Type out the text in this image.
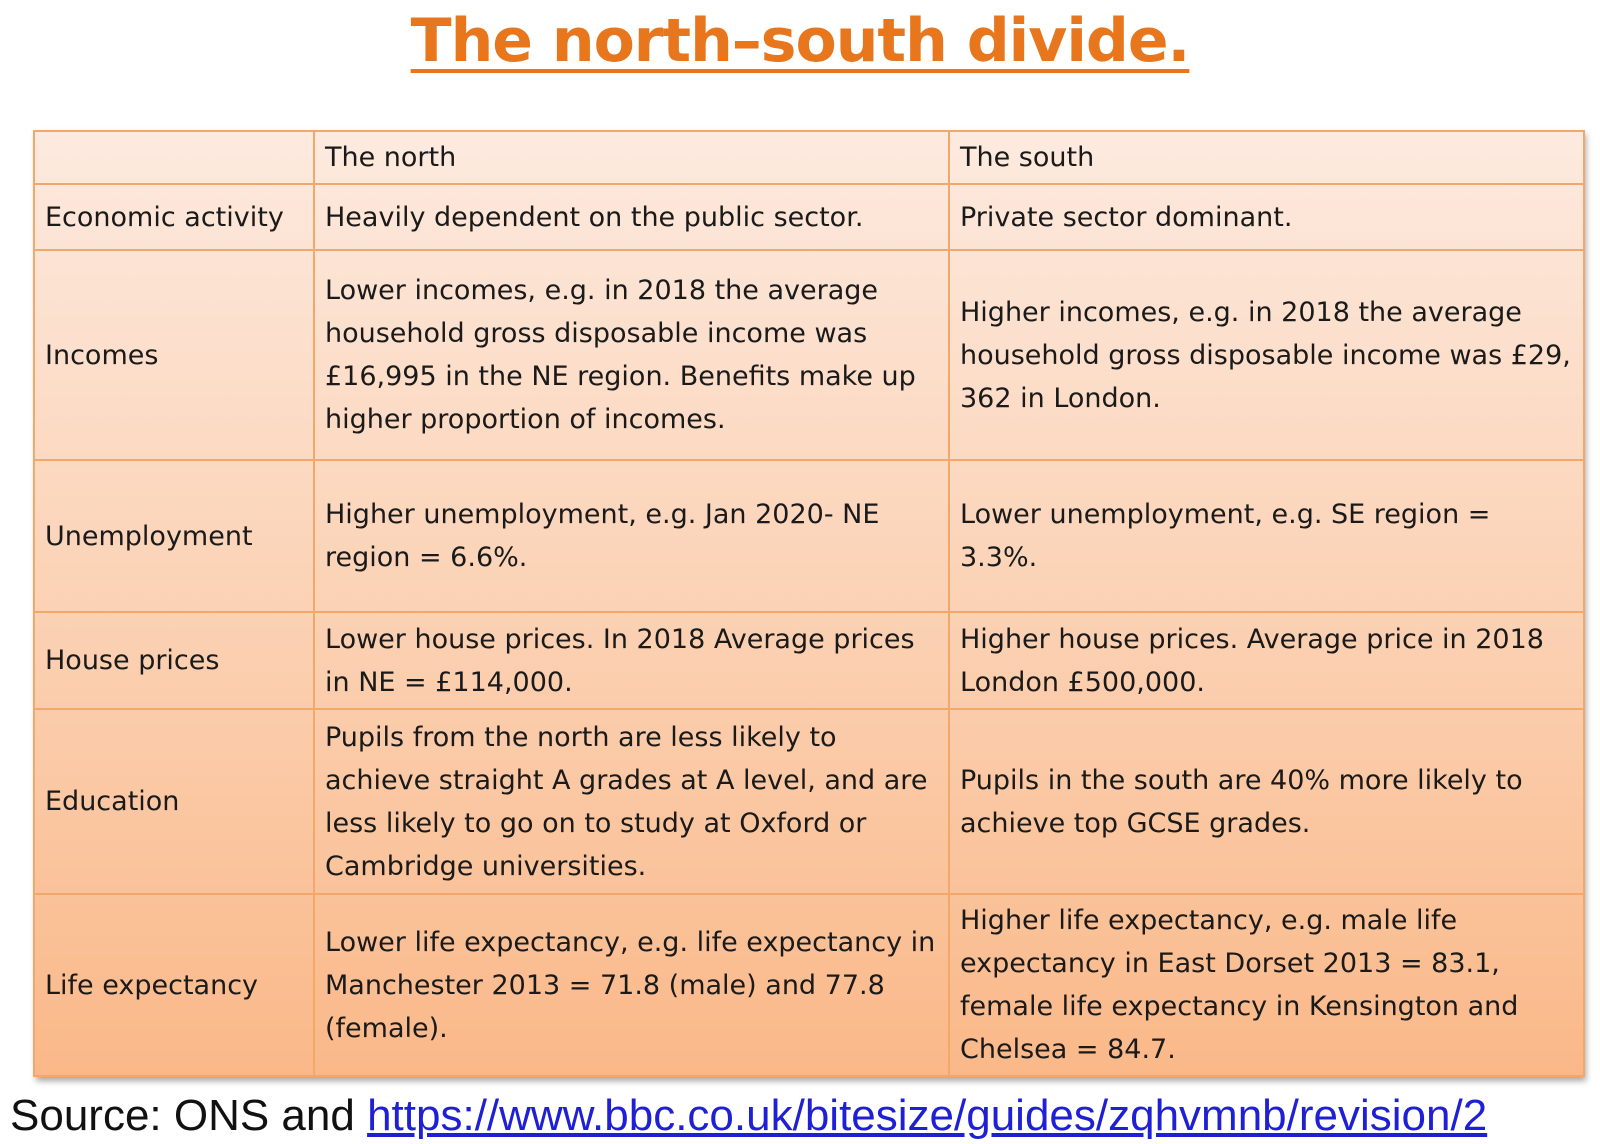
The north–south divide.
	The north	The south
Economic activity	Heavily dependent on the public sector.	Private sector dominant.
Incomes	Lower incomes, e.g. in 2018 the average household gross disposable income was £16,995 in the NE region. Benefits make up higher proportion of incomes.	Higher incomes, e.g. in 2018 the average household gross disposable income was £29, 362 in London.
Unemployment	Higher unemployment, e.g. Jan 2020- NE region = 6.6%.	Lower unemployment, e.g. SE region = 3.3%.
House prices	Lower house prices. In 2018 Average prices in NE = £114,000.	Higher house prices. Average price in 2018 London £500,000.
Education	Pupils from the north are less likely to achieve straight A grades at A level, and are less likely to go on to study at Oxford or Cambridge universities.	Pupils in the south are 40% more likely to achieve top GCSE grades.
Life expectancy	Lower life expectancy, e.g. life expectancy in Manchester 2013 = 71.8 (male) and 77.8 (female).	Higher life expectancy, e.g. male life expectancy in East Dorset 2013 = 83.1, female life expectancy in Kensington and Chelsea = 84.7.
Source: ONS and https://www.bbc.co.uk/bitesize/guides/zqhvmnb/revision/2
